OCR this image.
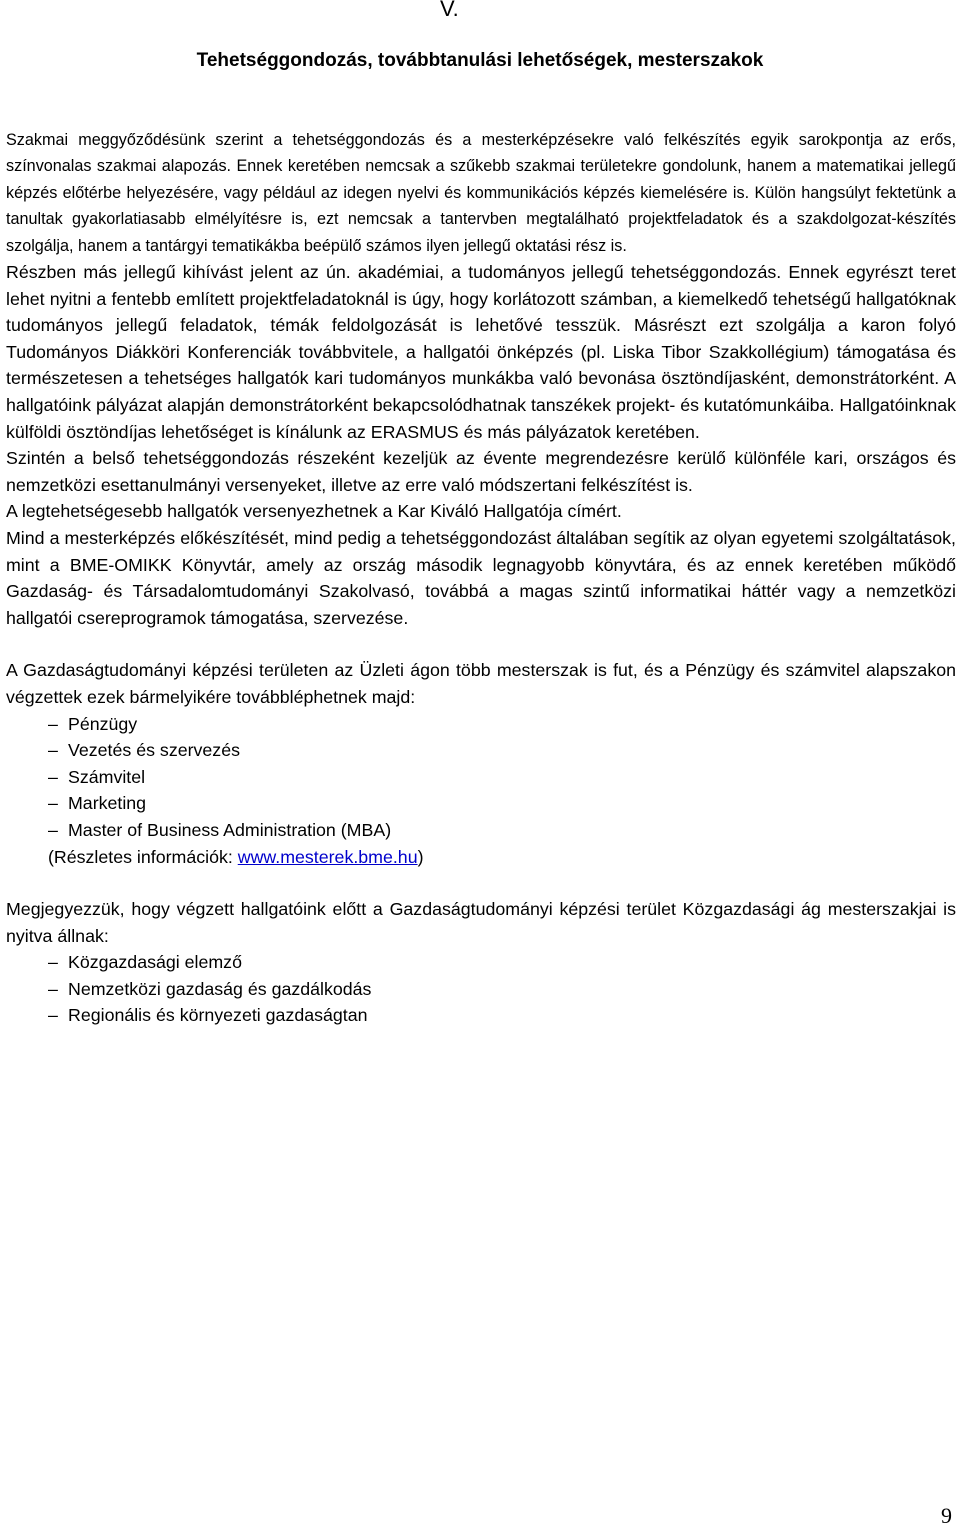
V.
Tehetséggondozás, továbbtanulási lehetőségek, mesterszakok

Szakmai meggyőződésünk szerint a tehetséggondozás és a mesterképzésekre való felkészítés egyik sarokpontja az erős, színvonalas szakmai alapozás. Ennek keretében nemcsak a szűkebb szakmai területekre gondolunk, hanem a matematikai jellegű képzés előtérbe helyezésére, vagy például az idegen nyelvi és kommunikációs képzés kiemelésére is. Külön hangsúlyt fektetünk a tanultak gyakorlatiasabb elmélyítésre is, ezt nemcsak a tantervben megtalálható projektfeladatok és a szakdolgozat-készítés szolgálja, hanem a tantárgyi tematikákba beépülő számos ilyen jellegű oktatási rész is.

Részben más jellegű kihívást jelent az ún. akadémiai, a tudományos jellegű tehetséggondozás. Ennek egyrészt teret lehet nyitni a fentebb említett projektfeladatoknál is úgy, hogy korlátozott számban, a kiemelkedő tehetségű hallgatóknak tudományos jellegű feladatok, témák feldolgozását is lehetővé tesszük. Másrészt ezt szolgálja a karon folyó Tudományos Diákköri Konferenciák továbbvitele, a hallgatói önképzés (pl. Liska Tibor Szakkollégium) támogatása és természetesen a tehetséges hallgatók kari tudományos munkákba való bevonása ösztöndíjasként, demonstrátorként. A hallgatóink pályázat alapján demonstrátorként bekapcsolódhatnak tanszékek projekt- és kutatómunkáiba. Hallgatóinknak külföldi ösztöndíjas lehetőséget is kínálunk az ERASMUS és más pályázatok keretében.

Szintén a belső tehetséggondozás részeként kezeljük az évente megrendezésre kerülő különféle kari, országos és nemzetközi esettanulmányi versenyeket, illetve az erre való módszertani felkészítést is.

A legtehetségesebb hallgatók versenyezhetnek a Kar Kiváló Hallgatója címért.

Mind a mesterképzés előkészítését, mind pedig a tehetséggondozást általában segítik az olyan egyetemi szolgáltatások, mint a BME-OMIKK Könyvtár, amely az ország második legnagyobb könyvtára, és az ennek keretében működő Gazdaság- és Társadalomtudományi Szakolvasó, továbbá a magas szintű informatikai háttér vagy a nemzetközi hallgatói csereprogramok támogatása, szervezése.

A Gazdaságtudományi képzési területen az Üzleti ágon több mesterszak is fut, és a Pénzügy és számvitel alapszakon végzettek ezek bármelyikére továbbléphetnek majd:

– Pénzügy
– Vezetés és szervezés
– Számvitel
– Marketing
– Master of Business Administration (MBA)
(Részletes információk: www.mesterek.bme.hu)

Megjegyezzük, hogy végzett hallgatóink előtt a Gazdaságtudományi képzési terület Közgazdasági ág mesterszakjai is nyitva állnak:

– Közgazdasági elemző
– Nemzetközi gazdaság és gazdálkodás
– Regionális és környezeti gazdaságtan
9
